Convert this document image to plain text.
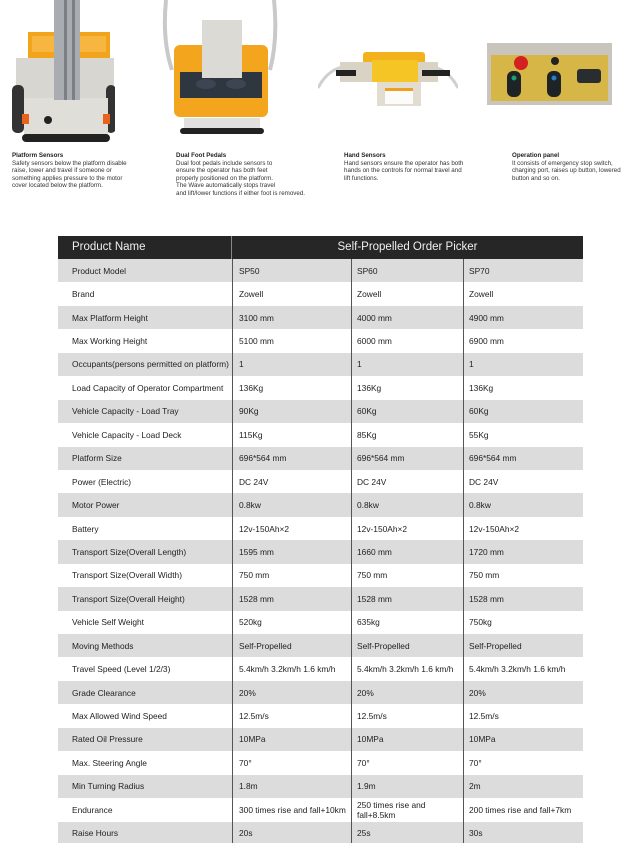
Platform Sensors
Safety sensors below the platform disable
raise, lower and travel if someone or
something applies pressure to the motor
cover located below the platform.
Dual Foot Pedals
Dual foot pedals include sensors to
ensure the operator has both feet
properly positioned on the platform.
The Wave automatically stops travel
and lift/lower functions if either foot is removed.
Hand Sensors
Hand sensors ensure the operator has both
hands on the controls for normal travel and
lift functions.
Operation panel
It consists of emergency stop switch,
charging port, raises up button, lowered
button and so on.
Product Name	Self-Propelled Order Picker
Product Model	SP50	SP60	SP70
Brand	Zowell	Zowell	Zowell
Max Platform Height	3100 mm	4000 mm	4900 mm
Max Working Height	5100 mm	6000 mm	6900 mm
Occupants(persons permitted on platform)	1	1	1
Load Capacity of Operator Compartment	136Kg	136Kg	136Kg
Vehicle Capacity - Load Tray	90Kg	60Kg	60Kg
Vehicle Capacity - Load Deck	115Kg	85Kg	55Kg
Platform Size	696*564 mm	696*564 mm	696*564 mm
Power (Electric)	DC 24V	DC 24V	DC 24V
Motor Power	0.8kw	0.8kw	0.8kw
Battery	12v-150Ah×2	12v-150Ah×2	12v-150Ah×2
Transport Size(Overall Length)	1595 mm	1660 mm	1720 mm
Transport Size(Overall Width)	750 mm	750 mm	750 mm
Transport Size(Overall Height)	1528 mm	1528 mm	1528 mm
Vehicle Self Weight	520kg	635kg	750kg
Moving Methods	Self-Propelled	Self-Propelled	Self-Propelled
Travel Speed (Level 1/2/3)	5.4km/h 3.2km/h 1.6 km/h	5.4km/h 3.2km/h 1.6 km/h	5.4km/h 3.2km/h 1.6 km/h
Grade Clearance	20%	20%	20%
Max Allowed Wind Speed	12.5m/s	12.5m/s	12.5m/s
Rated Oil Pressure	10MPa	10MPa	10MPa
Max. Steering Angle	70°	70°	70°
Min Turning Radius	1.8m	1.9m	2m
Endurance	300 times rise and fall+10km	250 times rise and fall+8.5km	200 times rise and fall+7km
Raise Hours	20s	25s	30s
